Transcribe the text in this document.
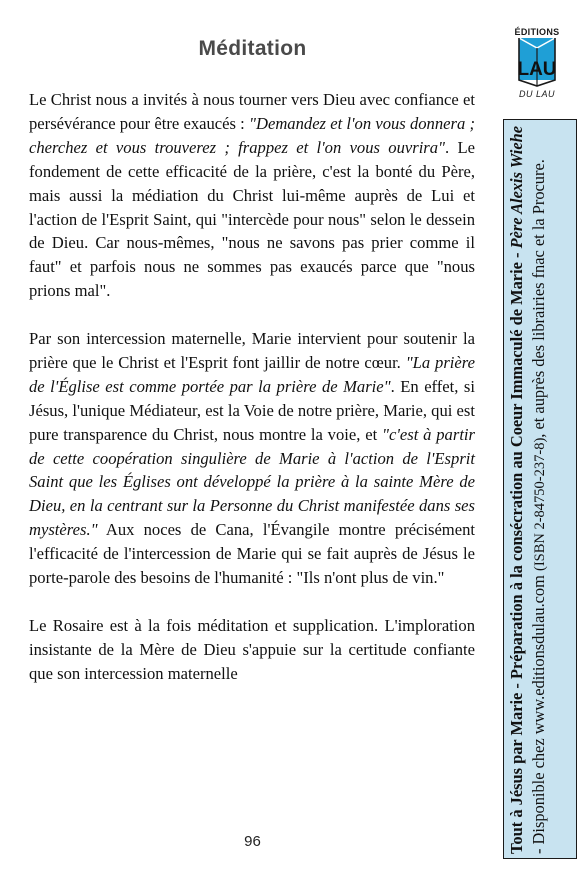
Méditation

Le Christ nous a invités à nous tourner vers Dieu avec confiance et persévérance pour être exaucés : "Demandez et l'on vous donnera ; cherchez et vous trouverez ; frappez et l'on vous ouvrira". Le fondement de cette efficacité de la prière, c'est la bonté du Père, mais aussi la médiation du Christ lui-même auprès de Lui et l'action de l'Esprit Saint, qui "intercède pour nous" selon le dessein de Dieu. Car nous-mêmes, "nous ne savons pas prier comme il faut" et parfois nous ne sommes pas exaucés parce que "nous prions mal".

Par son intercession maternelle, Marie intervient pour soutenir la prière que le Christ et l'Esprit font jaillir de notre cœur. "La prière de l'Église est comme portée par la prière de Marie". En effet, si Jésus, l'unique Médiateur, est la Voie de notre prière, Marie, qui est pure transparence du Christ, nous montre la voie, et "c'est à partir de cette coopération singulière de Marie à l'action de l'Esprit Saint que les Églises ont développé la prière à la sainte Mère de Dieu, en la centrant sur la Personne du Christ manifestée dans ses mystères." Aux noces de Cana, l'Évangile montre précisément l'efficacité de l'intercession de Marie qui se fait auprès de Jésus le porte-parole des besoins de l'humanité : "Ils n'ont plus de vin."

Le Rosaire est à la fois méditation et supplication. L'imploration insistante de la Mère de Dieu s'appuie sur la certitude confiante que son intercession maternelle

96
ÉDITIONS
LAU
DU LAU
Tout à Jésus par Marie - Préparation à la consécration au Coeur Immaculé de Marie - Père Alexis Wiehe - Disponible chez www.editionsdulau.com (ISBN 2-84750-237-8), et auprès des librairies fnac et la Procure.
